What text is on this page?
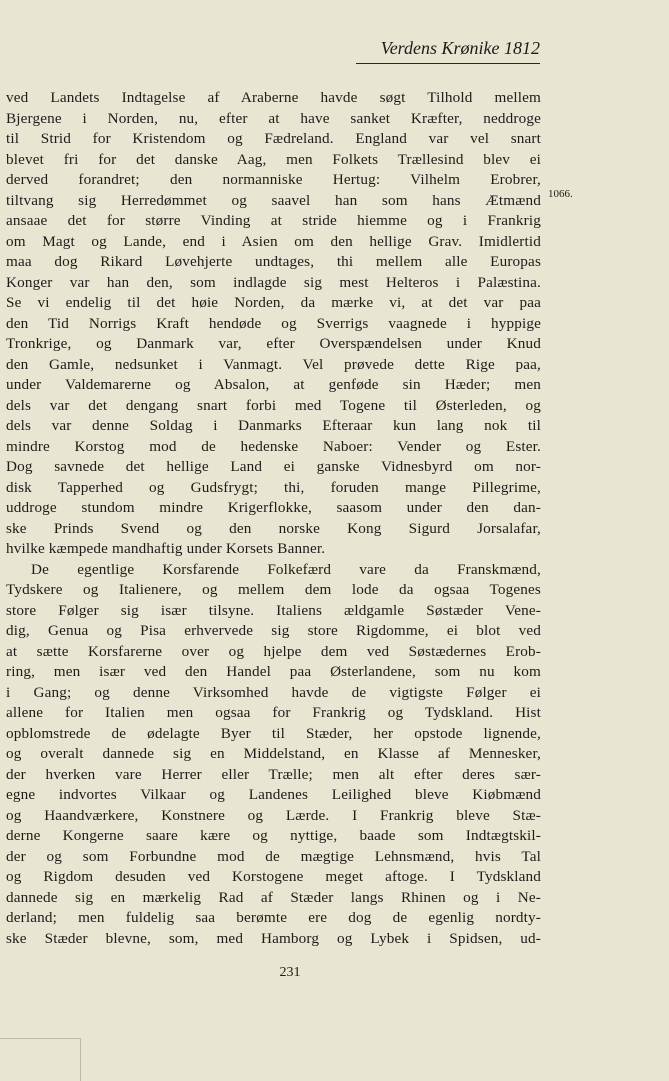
Verdens Krønike 1812
1066.
ved Landets Indtagelse af Araberne havde søgt Tilhold mellem
Bjergene i Norden, nu, efter at have sanket Kræfter, neddroge
til Strid for Kristendom og Fædreland. England var vel snart
blevet fri for det danske Aag, men Folkets Trællesind blev ei
derved forandret; den normanniske Hertug: Vilhelm Erobrer,
tiltvang sig Herredømmet og saavel han som hans Ætmænd
ansaae det for større Vinding at stride hiemme og i Frankrig
om Magt og Lande, end i Asien om den hellige Grav. Imidlertid
maa dog Rikard Løvehjerte undtages, thi mellem alle Europas
Konger var han den, som indlagde sig mest Helteros i Palæstina.
Se vi endelig til det høie Norden, da mærke vi, at det var paa
den Tid Norrigs Kraft hendøde og Sverrigs vaagnede i hyppige
Tronkrige, og Danmark var, efter Overspændelsen under Knud
den Gamle, nedsunket i Vanmagt. Vel prøvede dette Rige paa,
under Valdemarerne og Absalon, at genføde sin Hæder; men
dels var det dengang snart forbi med Togene til Østerleden, og
dels var denne Soldag i Danmarks Efteraar kun lang nok til
mindre Korstog mod de hedenske Naboer: Vender og Ester.
Dog savnede det hellige Land ei ganske Vidnesbyrd om nor-
disk Tapperhed og Gudsfrygt; thi, foruden mange Pillegrime,
uddroge stundom mindre Krigerflokke, saasom under den dan-
ske Prinds Svend og den norske Kong Sigurd Jorsalafar,
hvilke kæmpede mandhaftig under Korsets Banner.
De egentlige Korsfarende Folkefærd vare da Franskmænd,
Tydskere og Italienere, og mellem dem lode da ogsaa Togenes
store Følger sig især tilsyne. Italiens ældgamle Søstæder Vene-
dig, Genua og Pisa erhvervede sig store Rigdomme, ei blot ved
at sætte Korsfarerne over og hjelpe dem ved Søstædernes Erob-
ring, men især ved den Handel paa Østerlandene, som nu kom
i Gang; og denne Virksomhed havde de vigtigste Følger ei
allene for Italien men ogsaa for Frankrig og Tydskland. Hist
opblomstrede de ødelagte Byer til Stæder, her opstode lignende,
og overalt dannede sig en Middelstand, en Klasse af Mennesker,
der hverken vare Herrer eller Trælle; men alt efter deres sær-
egne indvortes Vilkaar og Landenes Leilighed bleve Kiøbmænd
og Haandværkere, Konstnere og Lærde. I Frankrig bleve Stæ-
derne Kongerne saare kære og nyttige, baade som Indtægtskil-
der og som Forbundne mod de mægtige Lehnsmænd, hvis Tal
og Rigdom desuden ved Korstogene meget aftoge. I Tydskland
dannede sig en mærkelig Rad af Stæder langs Rhinen og i Ne-
derland; men fuldelig saa berømte ere dog de egenlig nordty-
ske Stæder blevne, som, med Hamborg og Lybek i Spidsen, ud-
231
